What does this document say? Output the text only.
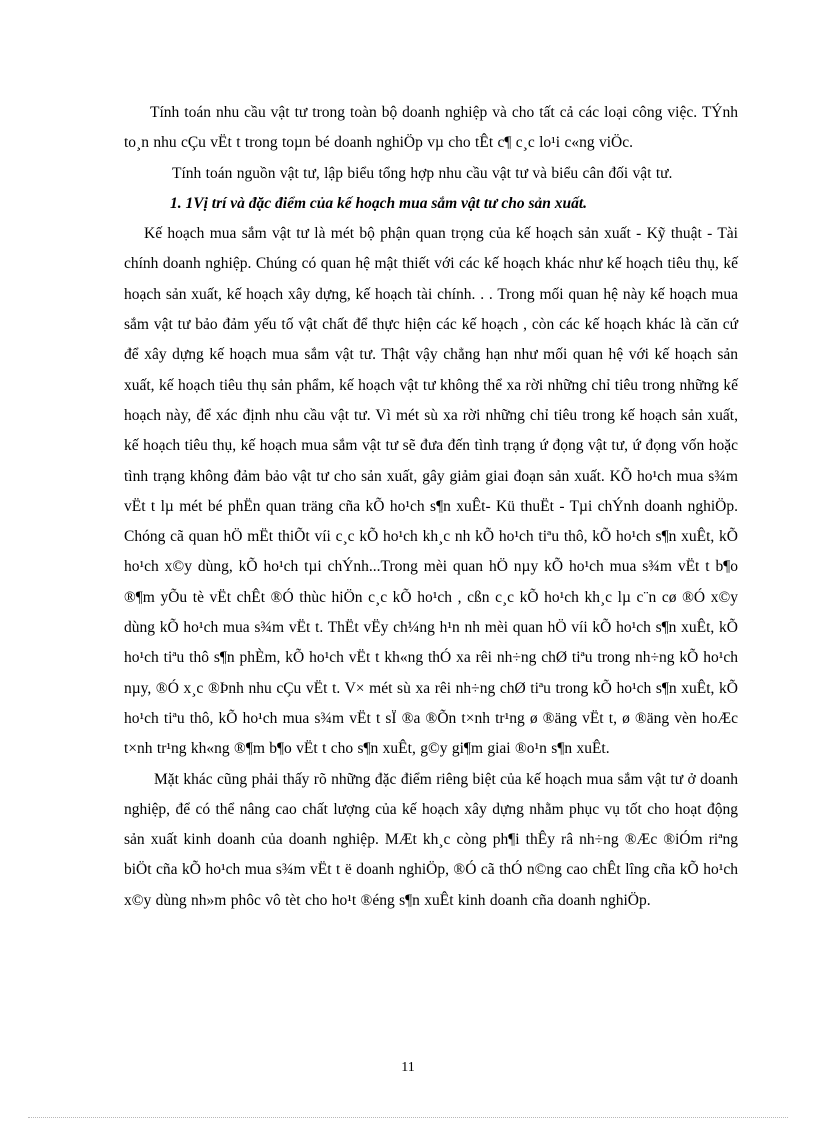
Tính toán nhu cầu vật tư trong toàn bộ doanh nghiệp và cho tất cả các loại công việc. TÝnh to¸n nhu cÇu vËt t trong toµn bé doanh nghiÖp vµ cho tÊt c¶ c¸c lo¹i c«ng viÖc.

Tính toán nguồn vật tư, lập biểu tổng hợp nhu cầu vật tư và biểu cân đối vật tư.

1. 1Vị trí và đặc điểm của kế hoạch mua sắm vật tư cho sản xuất.

Kế hoạch mua sắm vật tư là mét bộ phận quan trọng của kế hoạch sản xuất - Kỹ thuật - Tài chính doanh nghiệp. Chúng có quan hệ mật thiết với các kế hoạch khác như kế hoạch tiêu thụ, kế hoạch sản xuất, kế hoạch xây dựng, kế hoạch tài chính. . . Trong mối quan hệ này kế hoạch mua sắm vật tư bảo đảm yếu tố vật chất để thực hiện các kế hoạch , còn các kế hoạch khác là căn cứ để xây dựng kế hoạch mua sắm vật tư. Thật vậy chẳng hạn như mối quan hệ với kế hoạch sản xuất, kế hoạch tiêu thụ sản phẩm, kế hoạch vật tư không thể xa rời những chỉ tiêu trong những kế hoạch này, để xác định nhu cầu vật tư. Vì mét sù xa rời những chỉ tiêu trong kế hoạch sản xuất, kế hoạch tiêu thụ, kế hoạch mua sắm vật tư sẽ đưa đến tình trạng ứ đọng vật tư, ứ đọng vốn hoặc tình trạng không đảm bảo vật tư cho sản xuất, gây giảm giai đoạn sản xuất. KÕ ho¹ch mua s¾m vËt t lµ mét bé phËn quan träng cña kÕ ho¹ch s¶n xuÊt- Kü thuËt - Tµi chÝnh doanh nghiÖp. Chóng cã quan hÖ mËt thiÕt víi c¸c kÕ ho¹ch kh¸c nh kÕ ho¹ch tiªu thô, kÕ ho¹ch s¶n xuÊt, kÕ ho¹ch x©y dùng, kÕ ho¹ch tµi chÝnh...Trong mèi quan hÖ nµy kÕ ho¹ch mua s¾m vËt t b¶o ®¶m yÕu tè vËt chÊt ®Ó thùc hiÖn c¸c kÕ ho¹ch , cßn c¸c kÕ ho¹ch kh¸c lµ c¨n cø ®Ó x©y dùng kÕ ho¹ch mua s¾m vËt t. ThËt vËy ch¼ng h¹n nh mèi quan hÖ víi kÕ ho¹ch s¶n xuÊt, kÕ ho¹ch tiªu thô s¶n phÈm, kÕ ho¹ch vËt t kh«ng thÓ xa rêi nh÷ng chØ tiªu trong nh÷ng kÕ ho¹ch nµy, ®Ó x¸c ®Þnh nhu cÇu vËt t. V× mét sù xa rêi nh÷ng chØ tiªu trong kÕ ho¹ch s¶n xuÊt, kÕ ho¹ch tiªu thô, kÕ ho¹ch mua s¾m vËt t sÏ ®a ®Õn t×nh tr¹ng ø ®äng vËt t, ø ®äng vèn hoÆc t×nh tr¹ng kh«ng ®¶m b¶o vËt t cho s¶n xuÊt, g©y gi¶m giai ®o¹n s¶n xuÊt.

Mặt khác cũng phải thấy rõ những đặc điểm riêng biệt của kế hoạch mua sắm vật tư ở doanh nghiệp, để có thể nâng cao chất lượng của kế hoạch xây dựng nhằm phục vụ tốt cho hoạt động sản xuất kinh doanh của doanh nghiệp. MÆt kh¸c còng ph¶i thÊy râ nh÷ng ®Æc ®iÓm riªng biÖt cña kÕ ho¹ch mua s¾m vËt t ë doanh nghiÖp, ®Ó cã thÓ n©ng cao chÊt lîng cña kÕ ho¹ch x©y dùng nh»m phôc vô tèt cho ho¹t ®éng s¶n xuÊt kinh doanh cña doanh nghiÖp.

11
